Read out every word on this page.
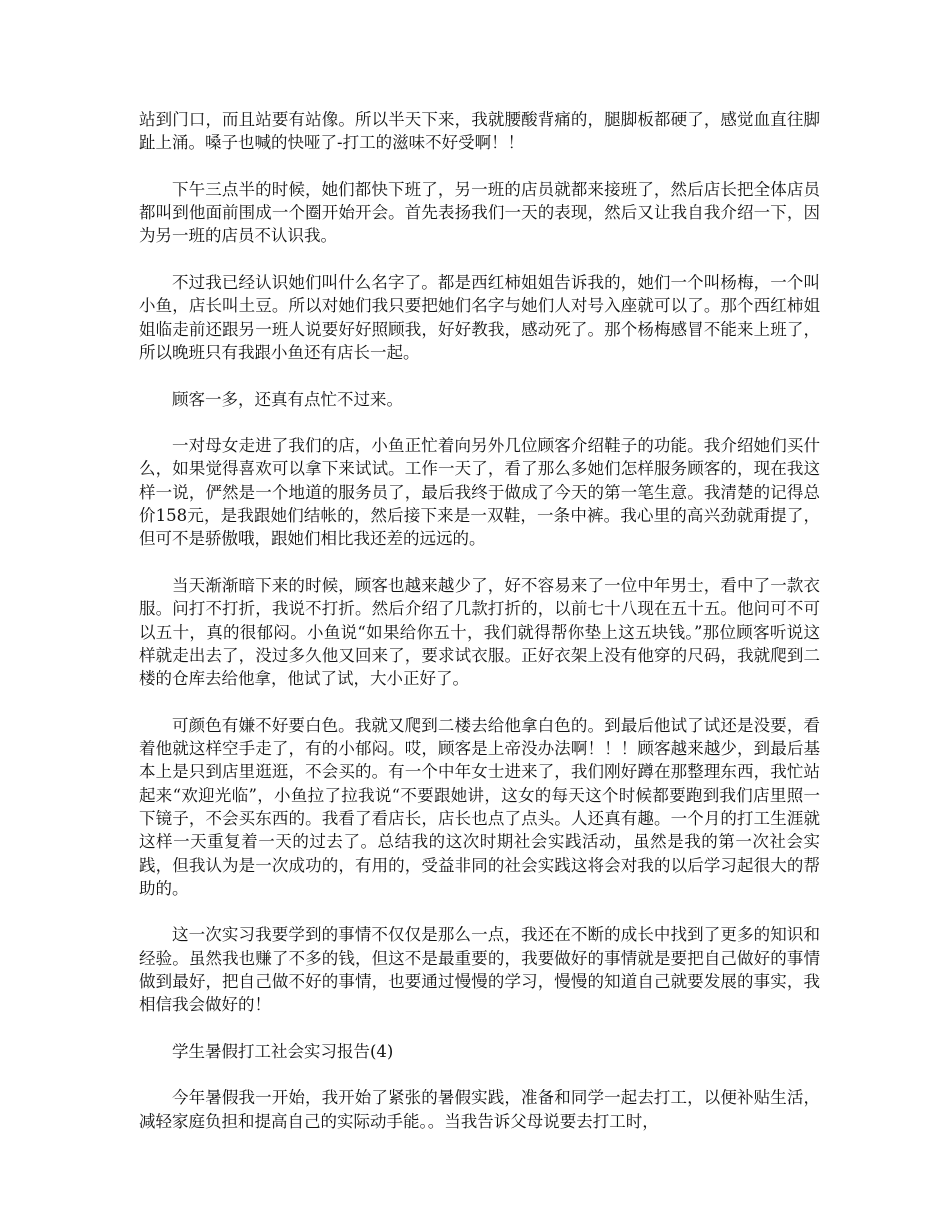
站到门口，而且站要有站像。所以半天下来，我就腰酸背痛的，腿脚板都硬了，感觉血直往脚趾上涌。嗓子也喊的快哑了-打工的滋味不好受啊！！

下午三点半的时候，她们都快下班了，另一班的店员就都来接班了，然后店长把全体店员都叫到他面前围成一个圈开始开会。首先表扬我们一天的表现，然后又让我自我介绍一下，因为另一班的店员不认识我。

不过我已经认识她们叫什么名字了。都是西红柿姐姐告诉我的，她们一个叫杨梅，一个叫小鱼，店长叫土豆。所以对她们我只要把她们名字与她们人对号入座就可以了。那个西红柿姐姐临走前还跟另一班人说要好好照顾我，好好教我，感动死了。那个杨梅感冒不能来上班了，所以晚班只有我跟小鱼还有店长一起。

顾客一多，还真有点忙不过来。

一对母女走进了我们的店，小鱼正忙着向另外几位顾客介绍鞋子的功能。我介绍她们买什么，如果觉得喜欢可以拿下来试试。工作一天了，看了那么多她们怎样服务顾客的，现在我这样一说，俨然是一个地道的服务员了，最后我终于做成了今天的第一笔生意。我清楚的记得总价158元，是我跟她们结帐的，然后接下来是一双鞋，一条中裤。我心里的高兴劲就甭提了，但可不是骄傲哦，跟她们相比我还差的远远的。

当天渐渐暗下来的时候，顾客也越来越少了，好不容易来了一位中年男士，看中了一款衣服。问打不打折，我说不打折。然后介绍了几款打折的，以前七十八现在五十五。他问可不可以五十，真的很郁闷。小鱼说“如果给你五十，我们就得帮你垫上这五块钱。”那位顾客听说这样就走出去了，没过多久他又回来了，要求试衣服。正好衣架上没有他穿的尺码，我就爬到二楼的仓库去给他拿，他试了试，大小正好了。

可颜色有嫌不好要白色。我就又爬到二楼去给他拿白色的。到最后他试了试还是没要，看着他就这样空手走了，有的小郁闷。哎，顾客是上帝没办法啊！！！顾客越来越少，到最后基本上是只到店里逛逛，不会买的。有一个中年女士进来了，我们刚好蹲在那整理东西，我忙站起来“欢迎光临”，小鱼拉了拉我说“不要跟她讲，这女的每天这个时候都要跑到我们店里照一下镜子，不会买东西的。我看了看店长，店长也点了点头。人还真有趣。一个月的打工生涯就这样一天重复着一天的过去了。总结我的这次时期社会实践活动，虽然是我的第一次社会实践，但我认为是一次成功的，有用的，受益非同的社会实践这将会对我的以后学习起很大的帮助的。

这一次实习我要学到的事情不仅仅是那么一点，我还在不断的成长中找到了更多的知识和经验。虽然我也赚了不多的钱，但这不是最重要的，我要做好的事情就是要把自己做好的事情做到最好，把自己做不好的事情，也要通过慢慢的学习，慢慢的知道自己就要发展的事实，我相信我会做好的！

学生暑假打工社会实习报告(4)

今年暑假我一开始，我开始了紧张的暑假实践，准备和同学一起去打工，以便补贴生活，减轻家庭负担和提高自己的实际动手能。。当我告诉父母说要去打工时，
